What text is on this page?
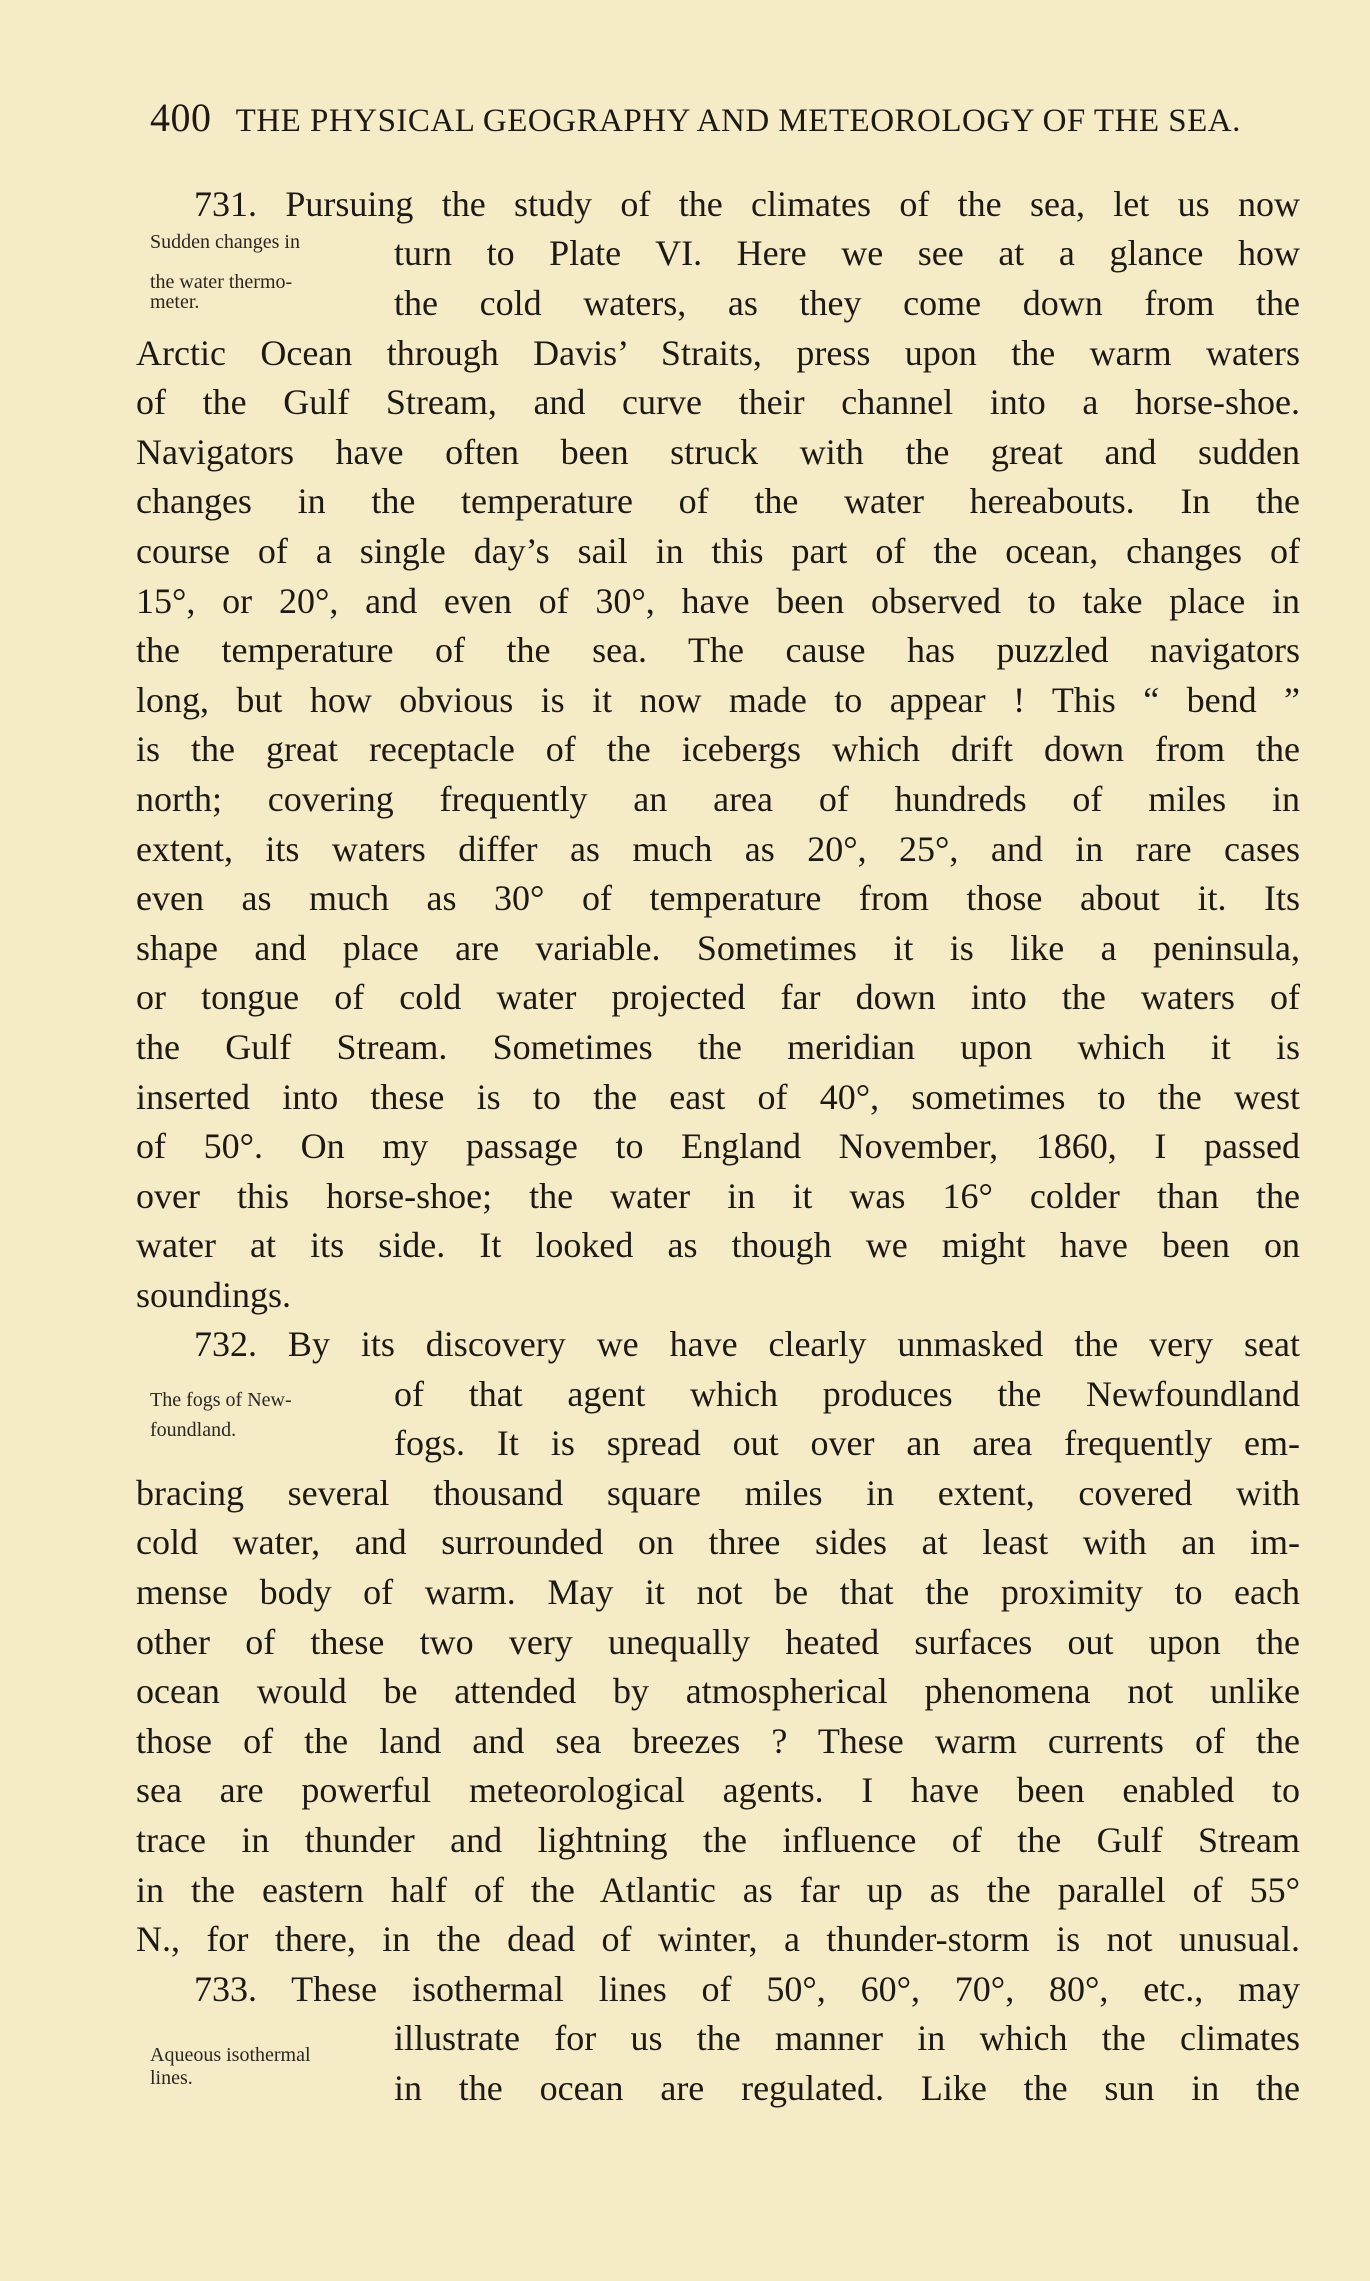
400 THE PHYSICAL GEOGRAPHY AND METEOROLOGY OF THE SEA.
Sudden changes in
the water thermo-
meter.
The fogs of New-
foundland.
Aqueous isothermal
lines.
731. Pursuing the study of the climates of the sea, let us now
turn to Plate VI. Here we see at a glance how
the cold waters, as they come down from the
Arctic Ocean through Davis’ Straits, press upon the warm waters
of the Gulf Stream, and curve their channel into a horse-shoe.
Navigators have often been struck with the great and sudden
changes in the temperature of the water hereabouts. In the
course of a single day’s sail in this part of the ocean, changes of
15°, or 20°, and even of 30°, have been observed to take place in
the temperature of the sea. The cause has puzzled navigators
long, but how obvious is it now made to appear ! This “ bend ”
is the great receptacle of the icebergs which drift down from the
north; covering frequently an area of hundreds of miles in
extent, its waters differ as much as 20°, 25°, and in rare cases
even as much as 30° of temperature from those about it. Its
shape and place are variable. Sometimes it is like a peninsula,
or tongue of cold water projected far down into the waters of
the Gulf Stream. Sometimes the meridian upon which it is
inserted into these is to the east of 40°, sometimes to the west
of 50°. On my passage to England November, 1860, I passed
over this horse-shoe; the water in it was 16° colder than the
water at its side. It looked as though we might have been on
soundings.
732. By its discovery we have clearly unmasked the very seat
of that agent which produces the Newfoundland
fogs. It is spread out over an area frequently em-
bracing several thousand square miles in extent, covered with
cold water, and surrounded on three sides at least with an im-
mense body of warm. May it not be that the proximity to each
other of these two very unequally heated surfaces out upon the
ocean would be attended by atmospherical phenomena not unlike
those of the land and sea breezes ? These warm currents of the
sea are powerful meteorological agents. I have been enabled to
trace in thunder and lightning the influence of the Gulf Stream
in the eastern half of the Atlantic as far up as the parallel of 55°
N., for there, in the dead of winter, a thunder-storm is not unusual.
733. These isothermal lines of 50°, 60°, 70°, 80°, etc., may
illustrate for us the manner in which the climates
in the ocean are regulated. Like the sun in the
